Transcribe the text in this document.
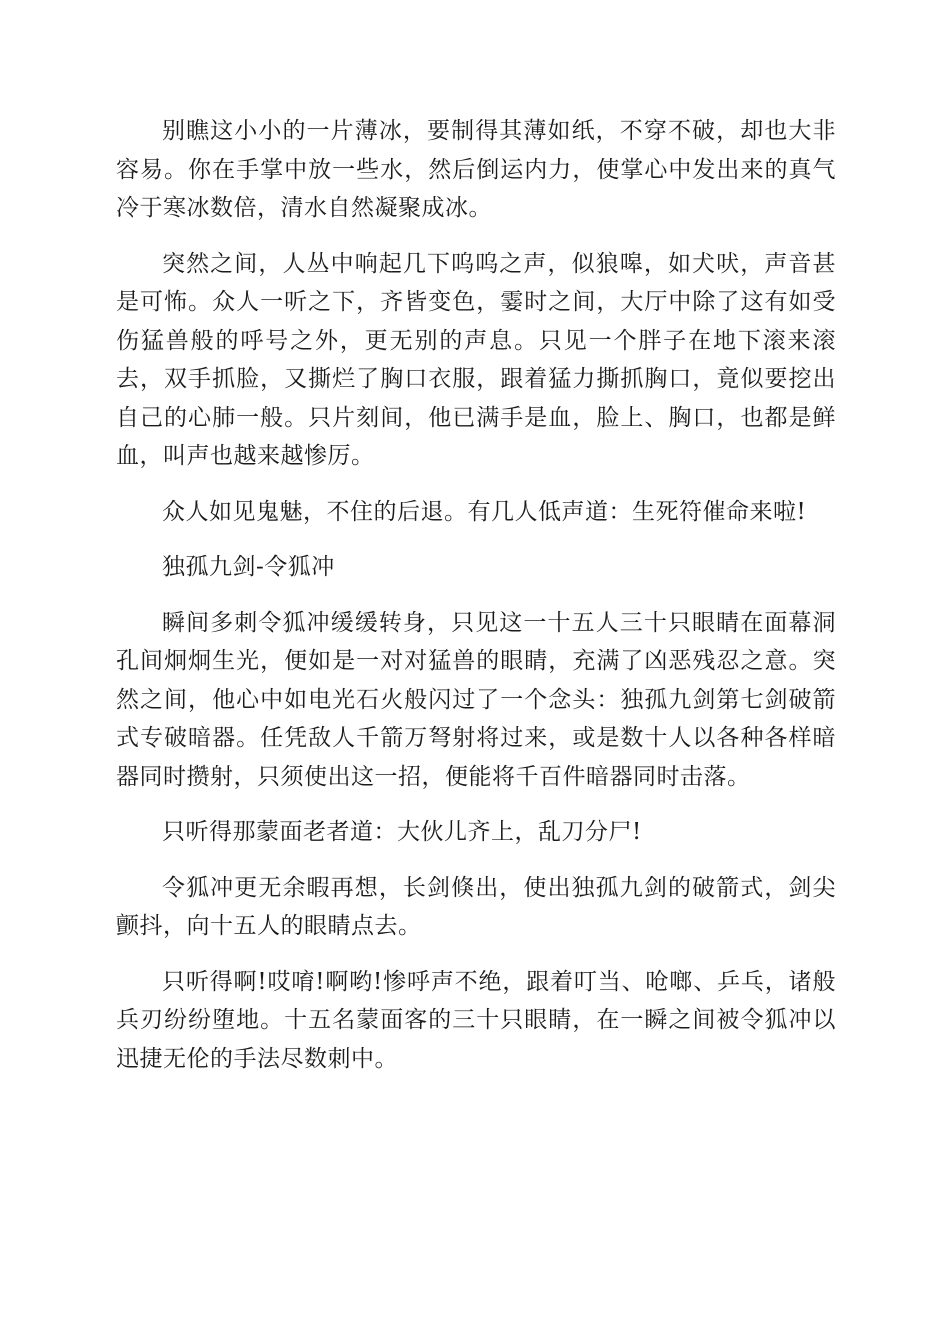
别瞧这小小的一片薄冰，要制得其薄如纸，不穿不破，却也大非容易。你在手掌中放一些水，然后倒运内力，使掌心中发出来的真气冷于寒冰数倍，清水自然凝聚成冰。

突然之间，人丛中响起几下呜呜之声，似狼嗥，如犬吠，声音甚是可怖。众人一听之下，齐皆变色，霎时之间，大厅中除了这有如受伤猛兽般的呼号之外，更无别的声息。只见一个胖子在地下滚来滚去，双手抓脸，又撕烂了胸口衣服，跟着猛力撕抓胸口，竟似要挖出自己的心肺一般。只片刻间，他已满手是血，脸上、胸口，也都是鲜血，叫声也越来越惨厉。

众人如见鬼魅，不住的后退。有几人低声道：生死符催命来啦!

独孤九剑-令狐冲

瞬间多刺令狐冲缓缓转身，只见这一十五人三十只眼睛在面幕洞孔间炯炯生光，便如是一对对猛兽的眼睛，充满了凶恶残忍之意。突然之间，他心中如电光石火般闪过了一个念头：独孤九剑第七剑破箭式专破暗器。任凭敌人千箭万弩射将过来，或是数十人以各种各样暗器同时攒射，只须使出这一招，便能将千百件暗器同时击落。

只听得那蒙面老者道：大伙儿齐上，乱刀分尸!

令狐冲更无余暇再想，长剑倏出，使出独孤九剑的破箭式，剑尖颤抖，向十五人的眼睛点去。

只听得啊!哎唷!啊哟!惨呼声不绝，跟着叮当、呛啷、乒乓，诸般兵刃纷纷堕地。十五名蒙面客的三十只眼睛，在一瞬之间被令狐冲以迅捷无伦的手法尽数刺中。
